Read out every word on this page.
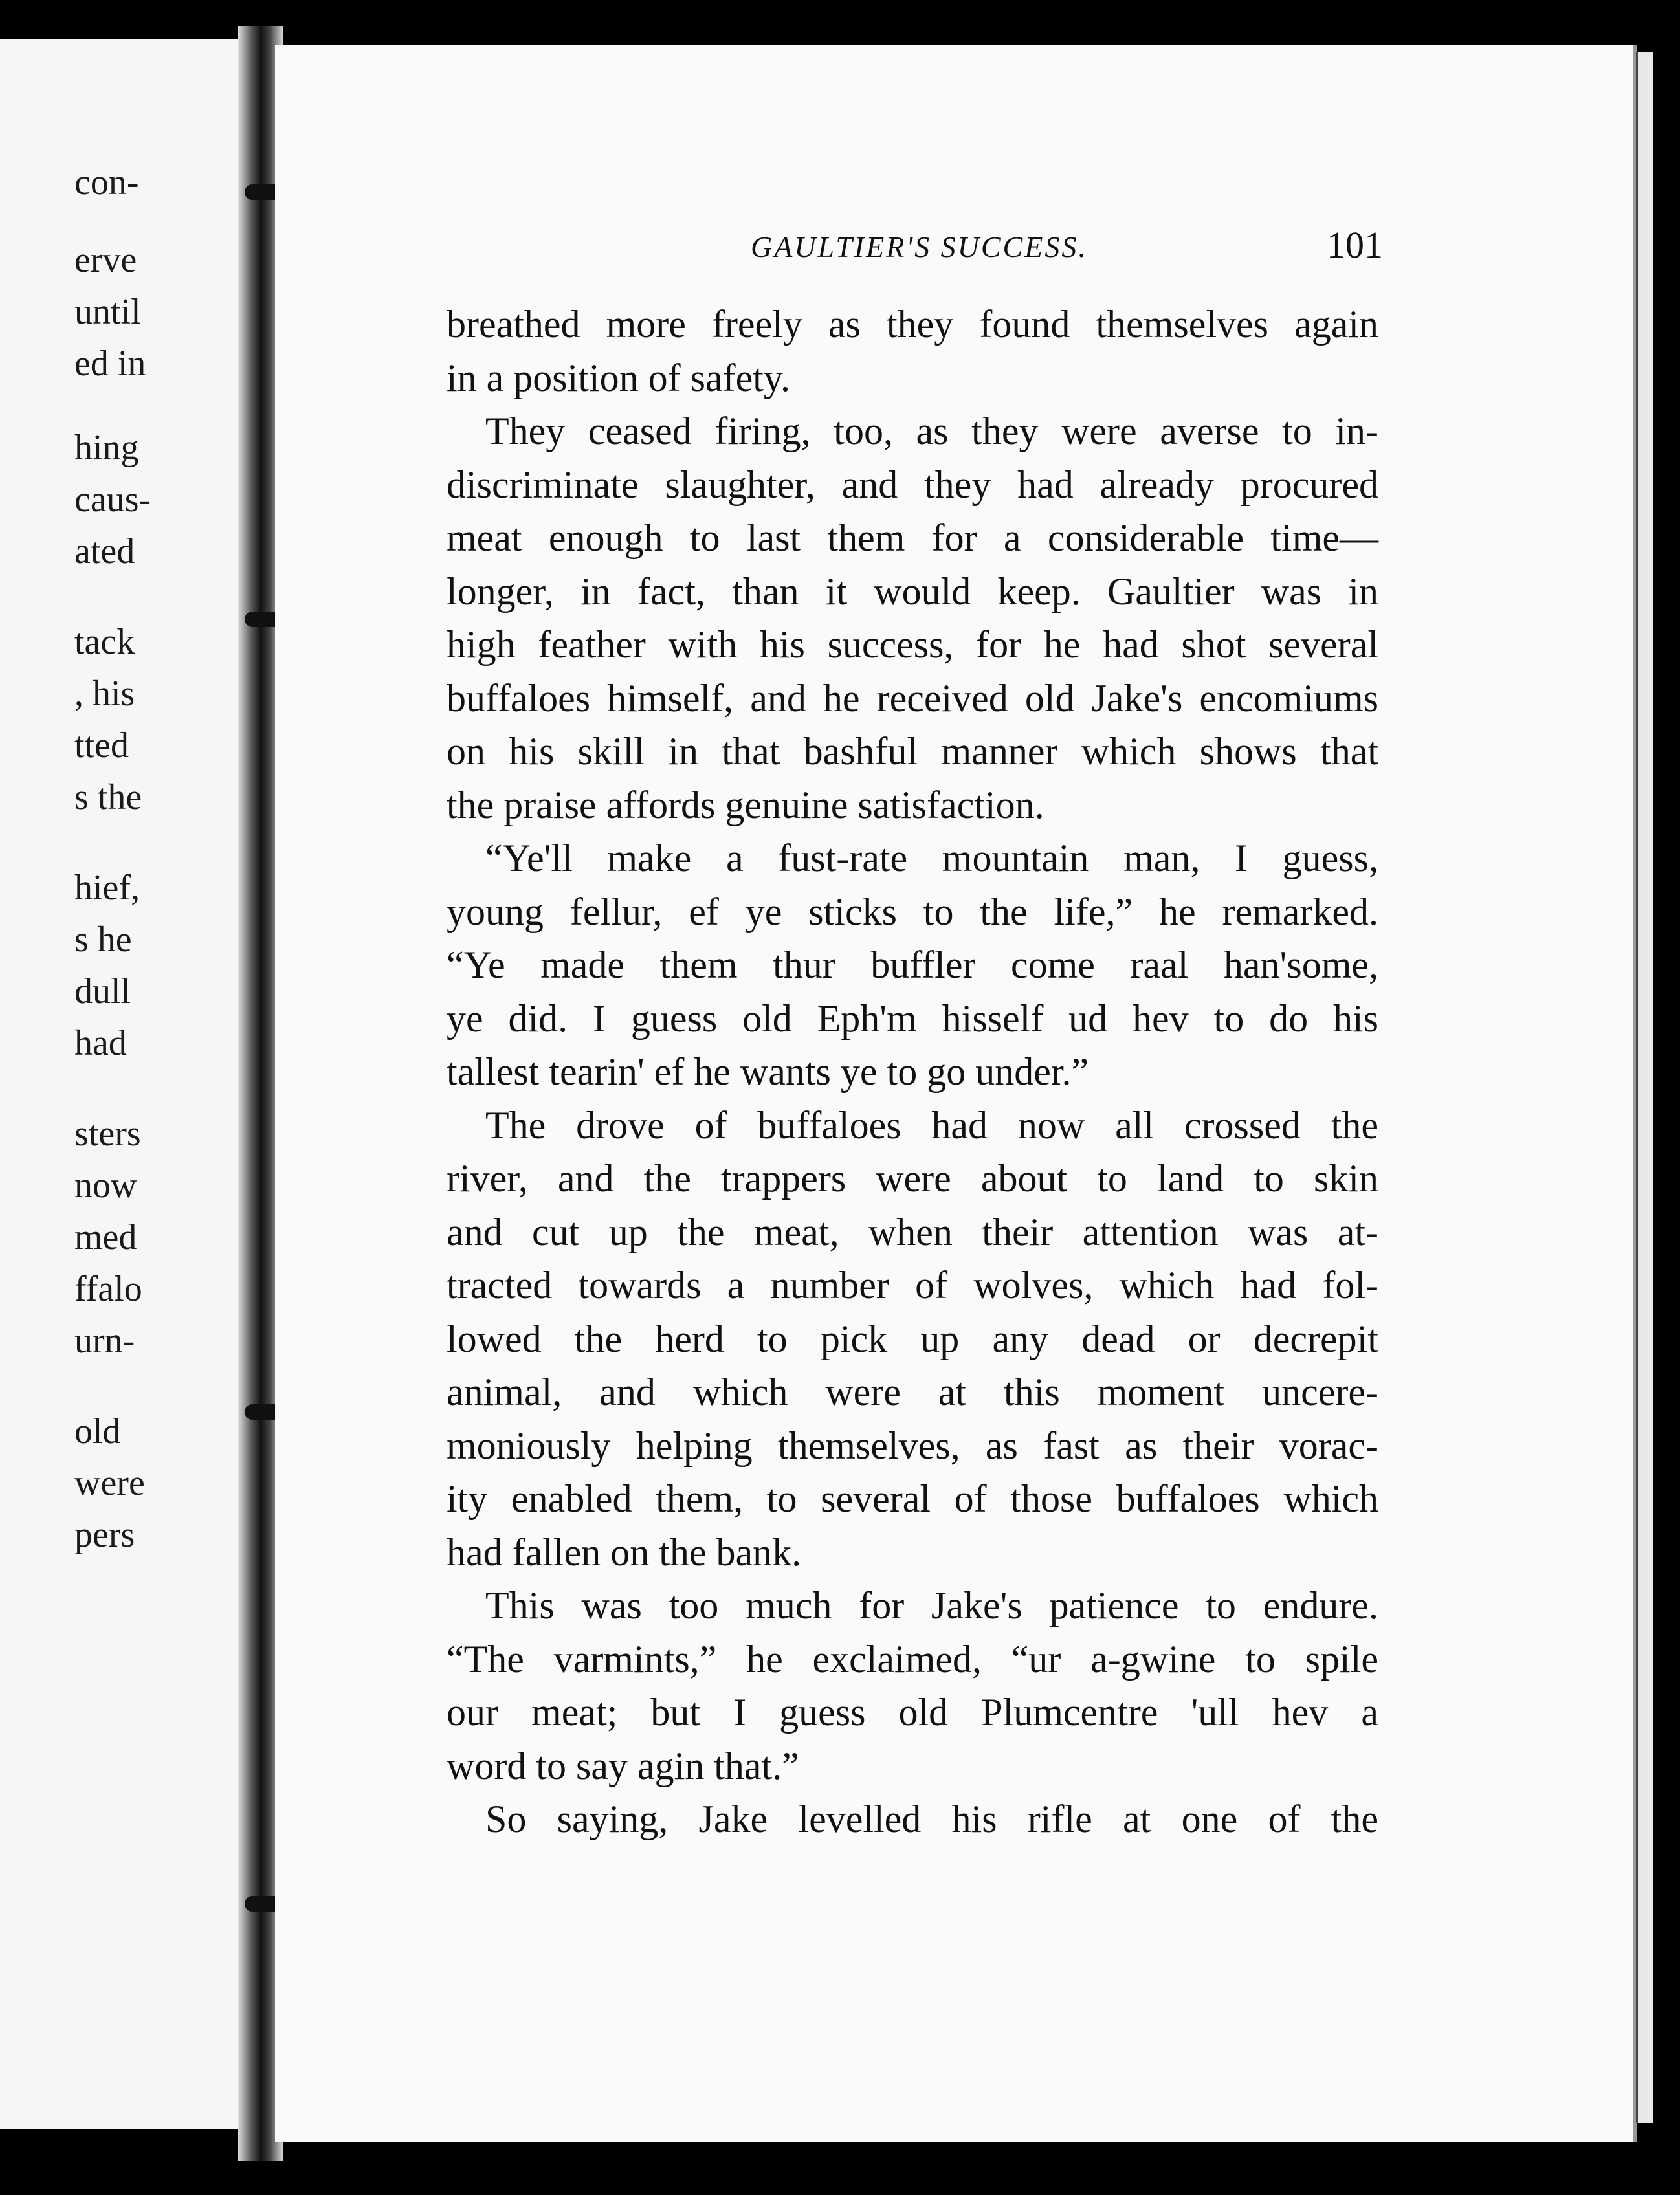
con-
erve
until
ed in
hing
caus-
ated
tack
, his
tted
s the
hief,
s he
dull
had
sters
now
med
ffalo
urn-
old
were
pers
GAULTIER'S SUCCESS.	101
breathed more freely as they found themselves again
in a position of safety.
They ceased firing, too, as they were averse to in-
discriminate slaughter, and they had already procured
meat enough to last them for a considerable time—
longer, in fact, than it would keep. Gaultier was in
high feather with his success, for he had shot several
buffaloes himself, and he received old Jake's encomiums
on his skill in that bashful manner which shows that
the praise affords genuine satisfaction.
“Ye'll make a fust-rate mountain man, I guess,
young fellur, ef ye sticks to the life,” he remarked.
“Ye made them thur buffler come raal han'some,
ye did. I guess old Eph'm hisself ud hev to do his
tallest tearin' ef he wants ye to go under.”
The drove of buffaloes had now all crossed the
river, and the trappers were about to land to skin
and cut up the meat, when their attention was at-
tracted towards a number of wolves, which had fol-
lowed the herd to pick up any dead or decrepit
animal, and which were at this moment uncere-
moniously helping themselves, as fast as their vorac-
ity enabled them, to several of those buffaloes which
had fallen on the bank.
This was too much for Jake's patience to endure.
“The varmints,” he exclaimed, “ur a-gwine to spile
our meat; but I guess old Plumcentre 'ull hev a
word to say agin that.”
So saying, Jake levelled his rifle at one of the
